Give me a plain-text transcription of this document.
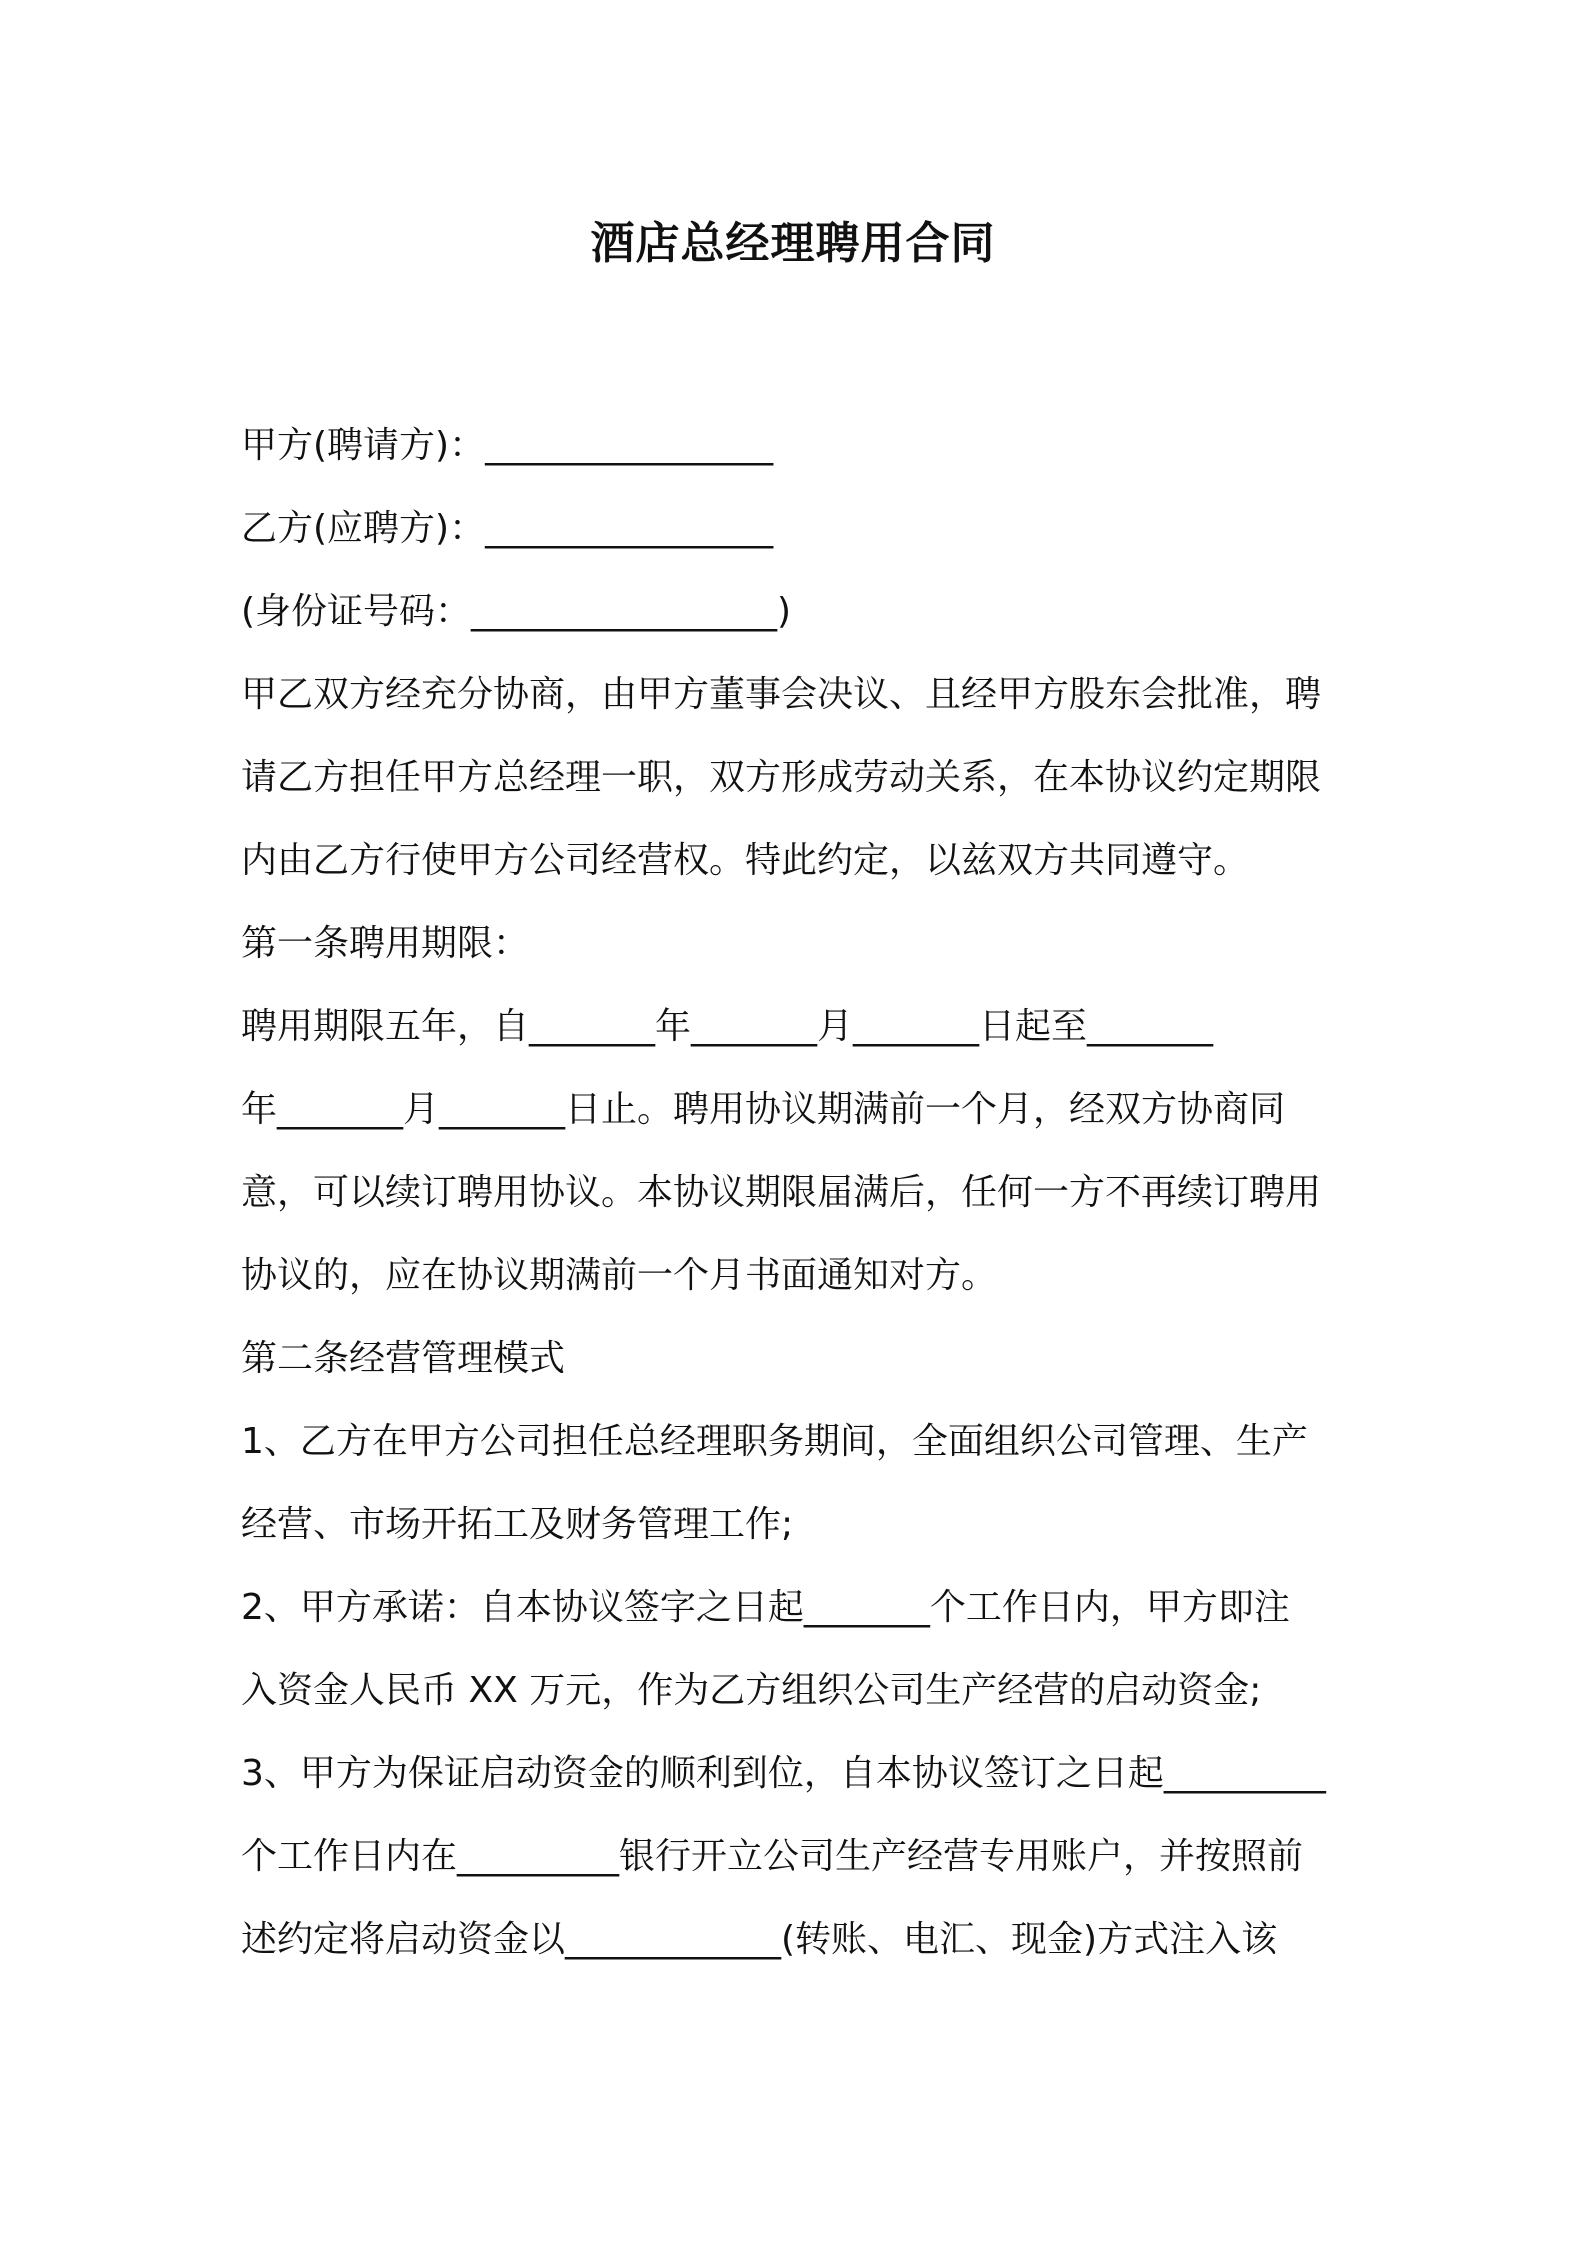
酒店总经理聘用合同
甲方(聘请方)：________________
乙方(应聘方)：________________
(身份证号码：_________________)
甲乙双方经充分协商，由甲方董事会决议、且经甲方股东会批准，聘
请乙方担任甲方总经理一职，双方形成劳动关系，在本协议约定期限
内由乙方行使甲方公司经营权。特此约定，以兹双方共同遵守。
第一条聘用期限：
聘用期限五年，自_______年_______月_______日起至_______
年_______月_______日止。聘用协议期满前一个月，经双方协商同
意，可以续订聘用协议。本协议期限届满后，任何一方不再续订聘用
协议的，应在协议期满前一个月书面通知对方。
第二条经营管理模式
1、乙方在甲方公司担任总经理职务期间，全面组织公司管理、生产
经营、市场开拓工及财务管理工作;
2、甲方承诺：自本协议签字之日起_______个工作日内，甲方即注
入资金人民币 XX 万元，作为乙方组织公司生产经营的启动资金;
3、甲方为保证启动资金的顺利到位，自本协议签订之日起_________
个工作日内在_________银行开立公司生产经营专用账户，并按照前
述约定将启动资金以____________(转账、电汇、现金)方式注入该
